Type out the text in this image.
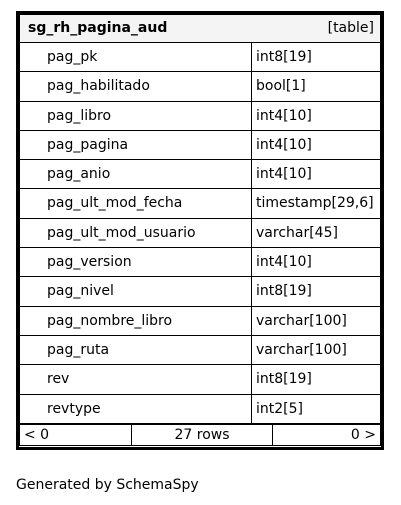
sg_rh_pagina_aud	[table]
pag_pk	int8[19]
pag_habilitado	bool[1]
pag_libro	int4[10]
pag_pagina	int4[10]
pag_anio	int4[10]
pag_ult_mod_fecha	timestamp[29,6]
pag_ult_mod_usuario	varchar[45]
pag_version	int4[10]
pag_nivel	int8[19]
pag_nombre_libro	varchar[100]
pag_ruta	varchar[100]
rev	int8[19]
revtype	int2[5]
< 0	27 rows	0 >
Generated by SchemaSpy
